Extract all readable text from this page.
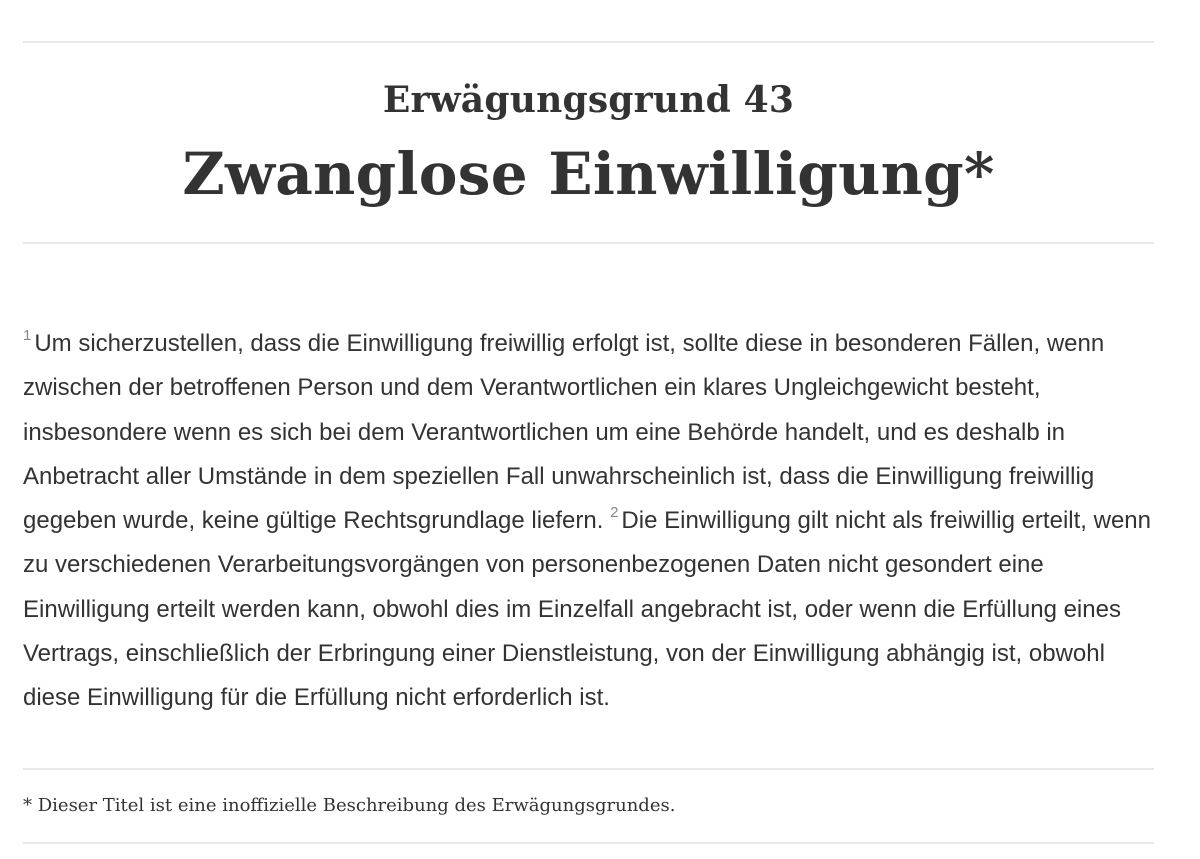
Erwägungsgrund 43
Zwanglose Einwilligung*

$^1$ Um sicherzustellen, dass die Einwilligung freiwillig erfolgt ist, sollte diese in besonderen Fällen, wenn zwischen der betroffenen Person und dem Verantwortlichen ein klares Ungleichgewicht besteht, insbesondere wenn es sich bei dem Verantwortlichen um eine Behörde handelt, und es deshalb in Anbetracht aller Umstände in dem speziellen Fall unwahrscheinlich ist, dass die Einwilligung freiwillig gegeben wurde, keine gültige Rechtsgrundlage liefern. $^2$ Die Einwilligung gilt nicht als freiwillig erteilt, wenn zu verschiedenen Verarbeitungsvorgängen von personenbezogenen Daten nicht gesondert eine Einwilligung erteilt werden kann, obwohl dies im Einzelfall angebracht ist, oder wenn die Erfüllung eines Vertrags, einschließlich der Erbringung einer Dienstleistung, von der Einwilligung abhängig ist, obwohl diese Einwilligung für die Erfüllung nicht erforderlich ist.

* Dieser Titel ist eine inoffizielle Beschreibung des Erwägungsgrundes.
